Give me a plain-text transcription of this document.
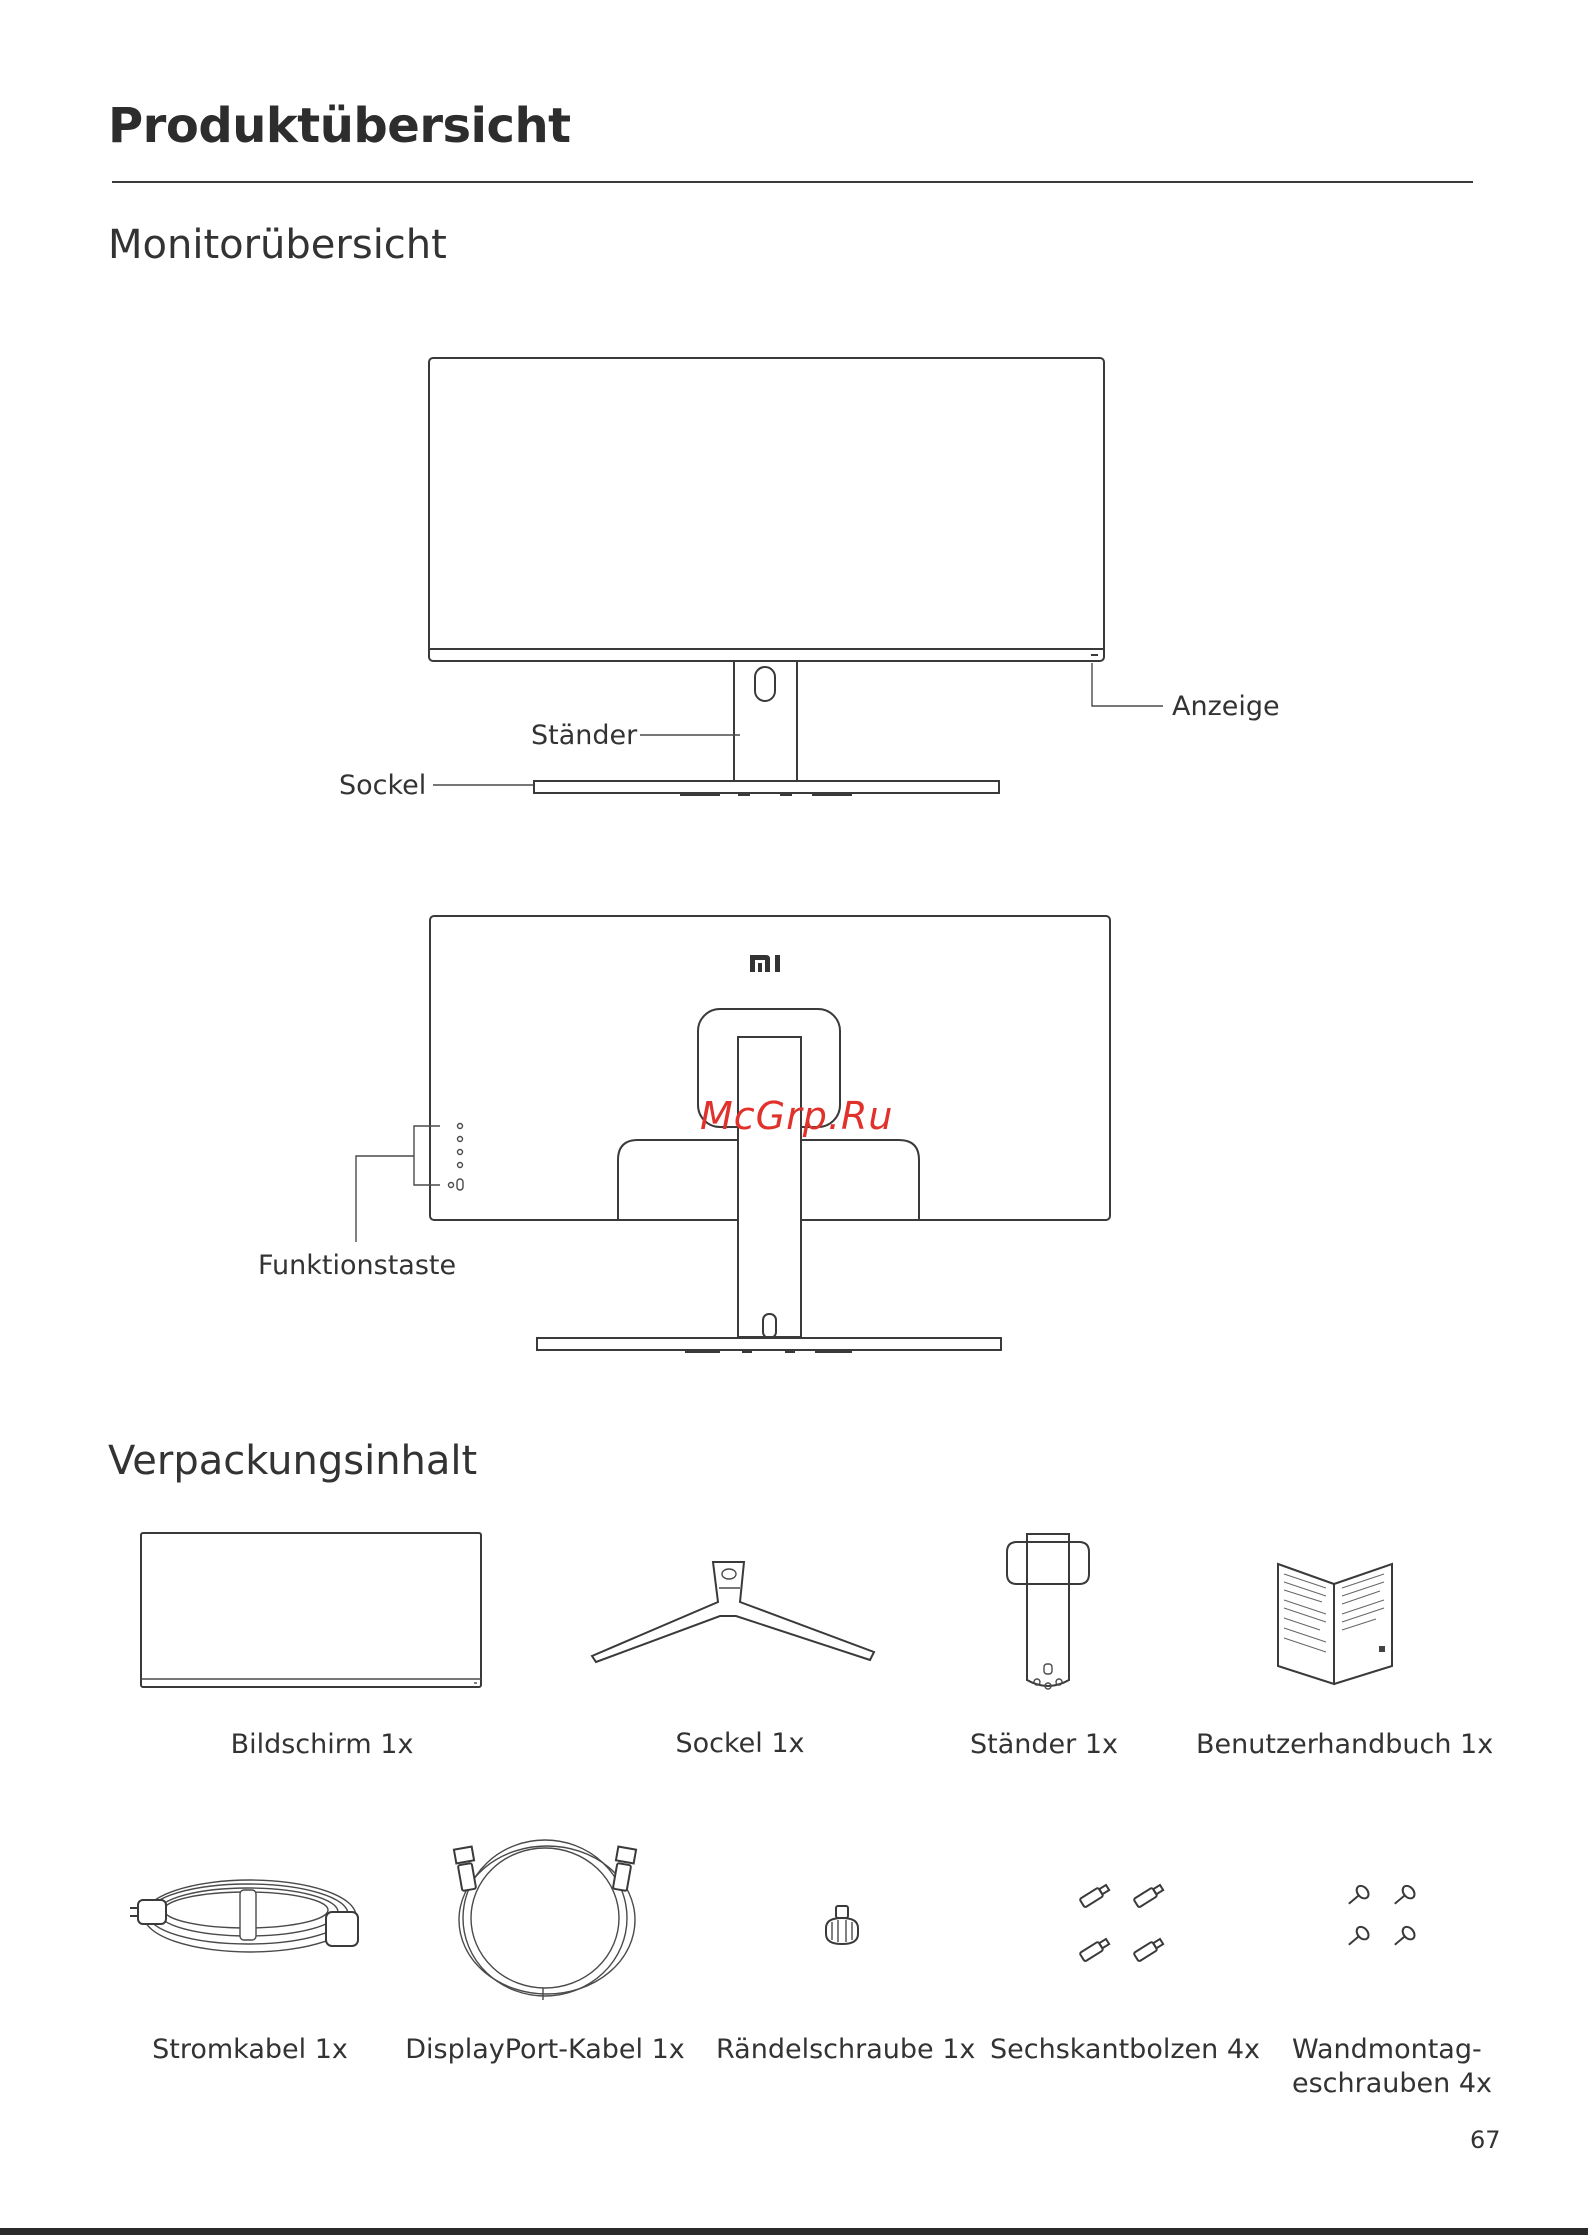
Produktübersicht
Monitorübersicht
Anzeige
Ständer
Sockel
Funktionstaste
McGrp.Ru
Verpackungsinhalt
Bildschirm 1x	Sockel 1x	Ständer 1x	Benutzerhandbuch 1x
Stromkabel 1x	DisplayPort-Kabel 1x Rändelschraube 1x Sechskantbolzen 4x Wandmontag-
eschrauben 4x
67
